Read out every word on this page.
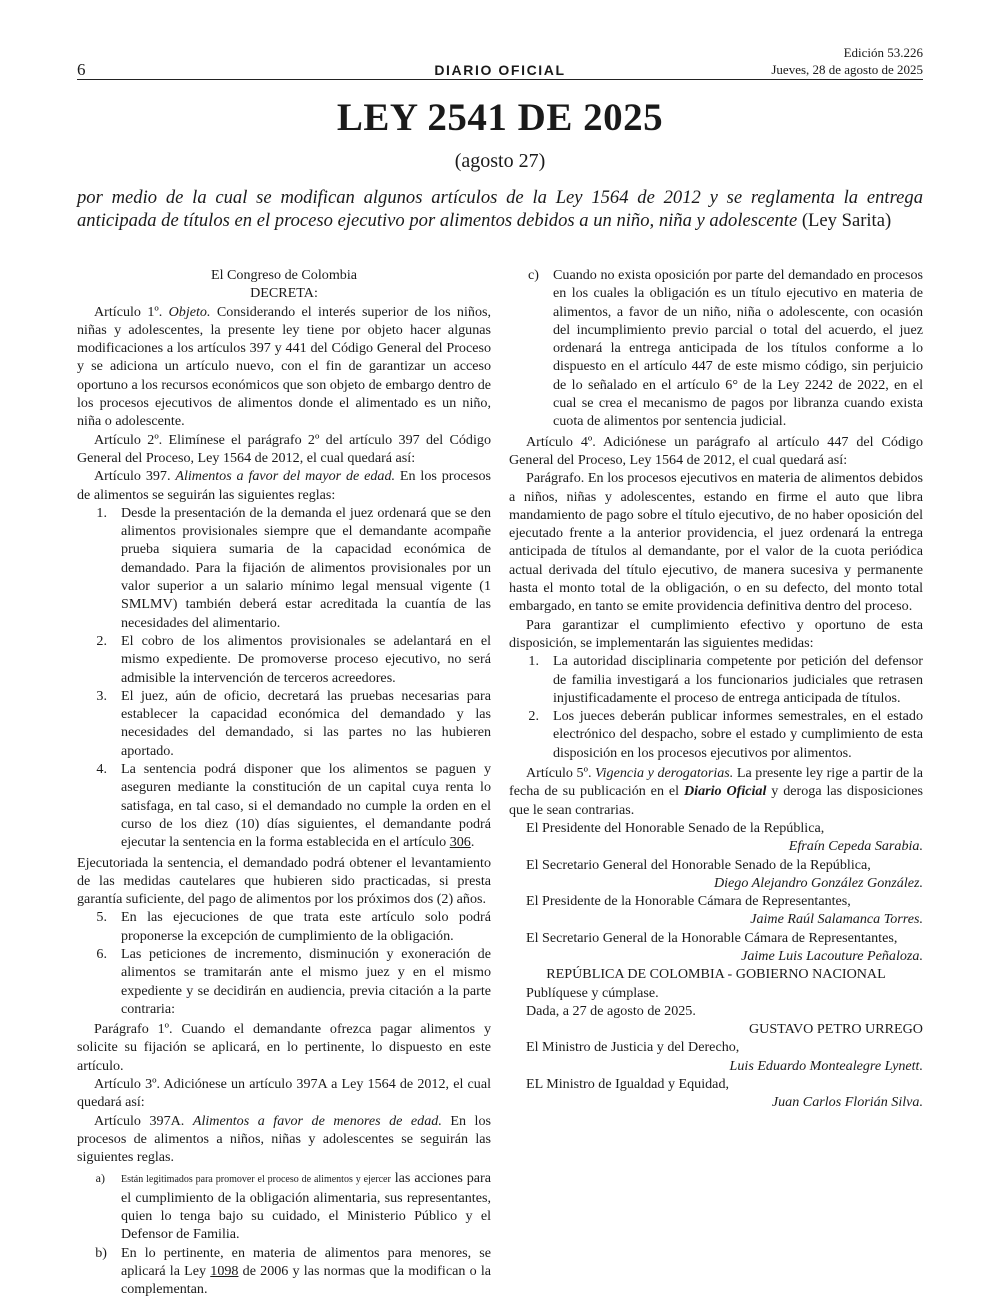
6	DIARIO OFICIAL
Edición 53.226
Jueves, 28 de agosto de 2025
LEY 2541 DE 2025
(agosto 27)
por medio de la cual se modifican algunos artículos de la Ley 1564 de 2012 y se reglamenta la entrega anticipada de títulos en el proceso ejecutivo por alimentos debidos a un niño, niña y adolescente (Ley Sarita)

El Congreso de Colombia

DECRETA:

Artículo 1º. Objeto. Considerando el interés superior de los niños, niñas y adolescentes, la presente ley tiene por objeto hacer algunas modificaciones a los artículos 397 y 441 del Código General del Proceso y se adiciona un artículo nuevo, con el fin de garantizar un acceso oportuno a los recursos económicos que son objeto de embargo dentro de los procesos ejecutivos de alimentos donde el alimentado es un niño, niña o adolescente.

Artículo 2º. Elimínese el parágrafo 2º del artículo 397 del Código General del Proceso, Ley 1564 de 2012, el cual quedará así:

Artículo 397. Alimentos a favor del mayor de edad. En los procesos de alimentos se seguirán las siguientes reglas:

1. Desde la presentación de la demanda el juez ordenará que se den alimentos provisionales siempre que el demandante acompañe prueba siquiera sumaria de la capacidad económica de demandado. Para la fijación de alimentos provisionales por un valor superior a un salario mínimo legal mensual vigente (1 SMLMV) también deberá estar acreditada la cuantía de las necesidades del alimentario.
2. El cobro de los alimentos provisionales se adelantará en el mismo expediente. De promoverse proceso ejecutivo, no será admisible la intervención de terceros acreedores.
3. El juez, aún de oficio, decretará las pruebas necesarias para establecer la capacidad económica del demandado y las necesidades del demandado, si las partes no las hubieren aportado.
4. La sentencia podrá disponer que los alimentos se paguen y aseguren mediante la constitución de un capital cuya renta lo satisfaga, en tal caso, si el demandado no cumple la orden en el curso de los diez (10) días siguientes, el demandante podrá ejecutar la sentencia en la forma establecida en el artículo 306.

Ejecutoriada la sentencia, el demandado podrá obtener el levantamiento de las medidas cautelares que hubieren sido practicadas, si presta garantía suficiente, del pago de alimentos por los próximos dos (2) años.

5. En las ejecuciones de que trata este artículo solo podrá proponerse la excepción de cumplimiento de la obligación.
6. Las peticiones de incremento, disminución y exoneración de alimentos se tramitarán ante el mismo juez y en el mismo expediente y se decidirán en audiencia, previa citación a la parte contraria:

Parágrafo 1º. Cuando el demandante ofrezca pagar alimentos y solicite su fijación se aplicará, en lo pertinente, lo dispuesto en este artículo.

Artículo 3º. Adiciónese un artículo 397A a Ley 1564 de 2012, el cual quedará así:

Artículo 397A. Alimentos a favor de menores de edad. En los procesos de alimentos a niños, niñas y adolescentes se seguirán las siguientes reglas.

a)	Están legitimados para promover el proceso de alimentos y ejercer las acciones para el cumplimiento de la obligación alimentaria, sus representantes, quien lo tenga bajo su cuidado, el Ministerio Público y el Defensor de Familia.
b) En lo pertinente, en materia de alimentos para menores, se aplicará la Ley 1098 de 2006 y las normas que la modifican o la complementan.
c) Cuando no exista oposición por parte del demandado en procesos en los cuales la obligación es un título ejecutivo en materia de alimentos, a favor de un niño, niña o adolescente, con ocasión del incumplimiento previo parcial o total del acuerdo, el juez ordenará la entrega anticipada de los títulos conforme a lo dispuesto en el artículo 447 de este mismo código, sin perjuicio de lo señalado en el artículo 6° de la Ley 2242 de 2022, en el cual se crea el mecanismo de pagos por libranza cuando exista cuota de alimentos por sentencia judicial.

Artículo 4º. Adiciónese un parágrafo al artículo 447 del Código General del Proceso, Ley 1564 de 2012, el cual quedará así:

Parágrafo. En los procesos ejecutivos en materia de alimentos debidos a niños, niñas y adolescentes, estando en firme el auto que libra mandamiento de pago sobre el título ejecutivo, de no haber oposición del ejecutado frente a la anterior providencia, el juez ordenará la entrega anticipada de títulos al demandante, por el valor de la cuota periódica actual derivada del título ejecutivo, de manera sucesiva y permanente hasta el monto total de la obligación, o en su defecto, del monto total embargado, en tanto se emite providencia definitiva dentro del proceso.

Para garantizar el cumplimiento efectivo y oportuno de esta disposición, se implementarán las siguientes medidas:

1. La autoridad disciplinaria competente por petición del defensor de familia investigará a los funcionarios judiciales que retrasen injustificadamente el proceso de entrega anticipada de títulos.
2. Los jueces deberán publicar informes semestrales, en el estado electrónico del despacho, sobre el estado y cumplimiento de esta disposición en los procesos ejecutivos por alimentos.

Artículo 5º. Vigencia y derogatorias. La presente ley rige a partir de la fecha de su publicación en el Diario Oficial y deroga las disposiciones que le sean contrarias.

El Presidente del Honorable Senado de la República,

Efraín Cepeda Sarabia.

El Secretario General del Honorable Senado de la República,

Diego Alejandro González González.

El Presidente de la Honorable Cámara de Representantes,

Jaime Raúl Salamanca Torres.

El Secretario General de la Honorable Cámara de Representantes,

Jaime Luis Lacouture Peñaloza.

REPÚBLICA DE COLOMBIA - GOBIERNO NACIONAL

Publíquese y cúmplase.

Dada, a 27 de agosto de 2025.

GUSTAVO PETRO URREGO

El Ministro de Justicia y del Derecho,

Luis Eduardo Montealegre Lynett.

EL Ministro de Igualdad y Equidad,

Juan Carlos Florián Silva.
